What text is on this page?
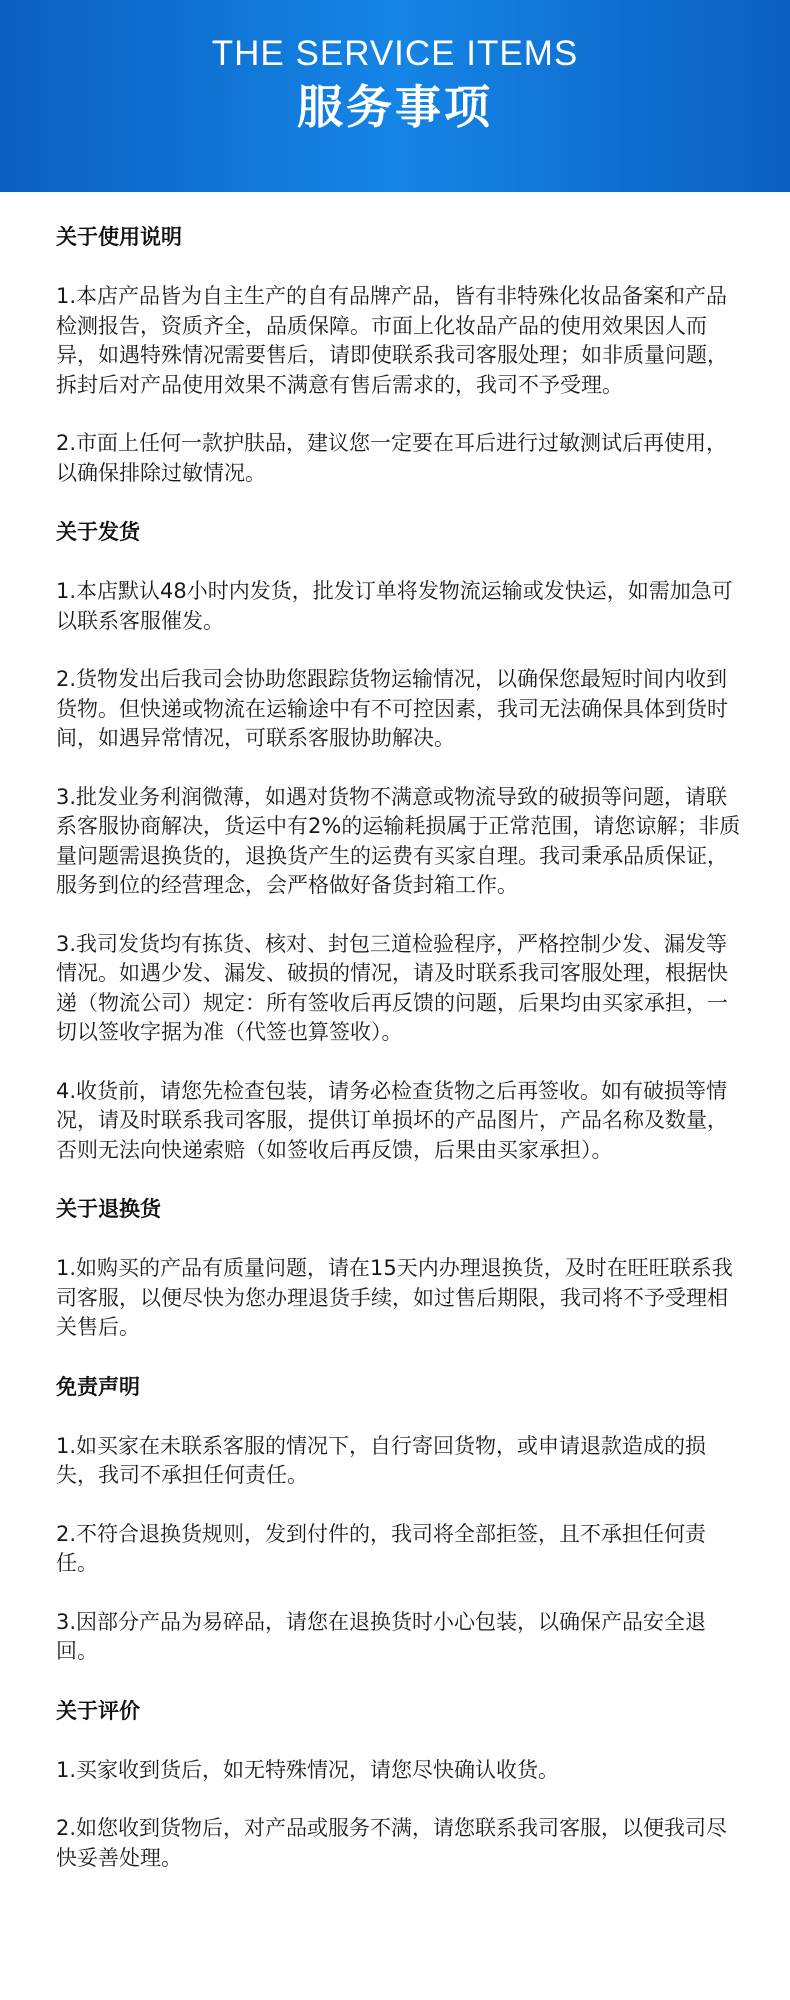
THE SERVICE ITEMS

服务事项

关于使用说明

1.本店产品皆为自主生产的自有品牌产品，皆有非特殊化妆品备案和产品检测报告，资质齐全，品质保障。市面上化妆品产品的使用效果因人而异，如遇特殊情况需要售后，请即使联系我司客服处理；如非质量问题，拆封后对产品使用效果不满意有售后需求的，我司不予受理。

2.市面上任何一款护肤品，建议您一定要在耳后进行过敏测试后再使用，以确保排除过敏情况。

关于发货

1.本店默认48小时内发货，批发订单将发物流运输或发快运，如需加急可以联系客服催发。

2.货物发出后我司会协助您跟踪货物运输情况，以确保您最短时间内收到货物。但快递或物流在运输途中有不可控因素，我司无法确保具体到货时间，如遇异常情况，可联系客服协助解决。

3.批发业务利润微薄，如遇对货物不满意或物流导致的破损等问题，请联系客服协商解决，货运中有2%的运输耗损属于正常范围，请您谅解；非质量问题需退换货的，退换货产生的运费有买家自理。我司秉承品质保证，服务到位的经营理念，会严格做好备货封箱工作。

3.我司发货均有拣货、核对、封包三道检验程序，严格控制少发、漏发等情况。如遇少发、漏发、破损的情况，请及时联系我司客服处理，根据快递（物流公司）规定：所有签收后再反馈的问题，后果均由买家承担，一切以签收字据为准（代签也算签收）。

4.收货前，请您先检查包装，请务必检查货物之后再签收。如有破损等情况，请及时联系我司客服，提供订单损坏的产品图片，产品名称及数量，否则无法向快递索赔（如签收后再反馈，后果由买家承担）。

关于退换货

1.如购买的产品有质量问题，请在15天内办理退换货，及时在旺旺联系我司客服，以便尽快为您办理退货手续，如过售后期限，我司将不予受理相关售后。

免责声明

1.如买家在未联系客服的情况下，自行寄回货物，或申请退款造成的损失，我司不承担任何责任。

2.不符合退换货规则，发到付件的，我司将全部拒签，且不承担任何责任。

3.因部分产品为易碎品，请您在退换货时小心包装，以确保产品安全退回。

关于评价

1.买家收到货后，如无特殊情况，请您尽快确认收货。

2.如您收到货物后，对产品或服务不满，请您联系我司客服，以便我司尽快妥善处理。
